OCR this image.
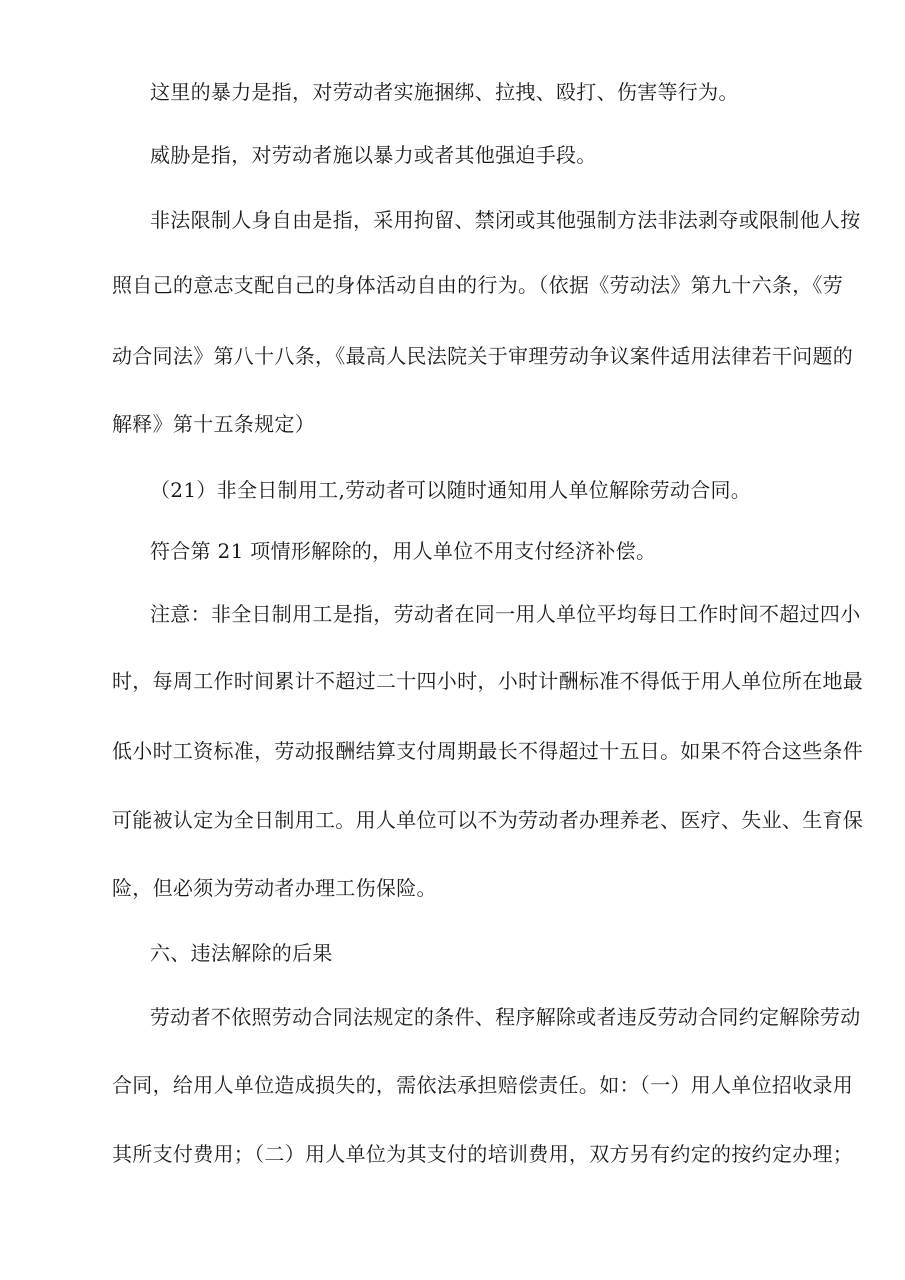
这里的暴力是指，对劳动者实施捆绑、拉拽、殴打、伤害等行为。
威胁是指，对劳动者施以暴力或者其他强迫手段。
非法限制人身自由是指，采用拘留、禁闭或其他强制方法非法剥夺或限制他人按
照自己的意志支配自己的身体活动自由的行为。（依据《劳动法》第九十六条，《劳
动合同法》第八十八条，《最高人民法院关于审理劳动争议案件适用法律若干问题的
解释》第十五条规定）
（21）非全日制用工,劳动者可以随时通知用人单位解除劳动合同。
符合第 21 项情形解除的，用人单位不用支付经济补偿。
注意：非全日制用工是指，劳动者在同一用人单位平均每日工作时间不超过四小
时，每周工作时间累计不超过二十四小时，小时计酬标准不得低于用人单位所在地最
低小时工资标准，劳动报酬结算支付周期最长不得超过十五日。如果不符合这些条件
可能被认定为全日制用工。用人单位可以不为劳动者办理养老、医疗、失业、生育保
险，但必须为劳动者办理工伤保险。
六、违法解除的后果
劳动者不依照劳动合同法规定的条件、程序解除或者违反劳动合同约定解除劳动
合同，给用人单位造成损失的，需依法承担赔偿责任。如：（一）用人单位招收录用
其所支付费用；（二）用人单位为其支付的培训费用，双方另有约定的按约定办理；
